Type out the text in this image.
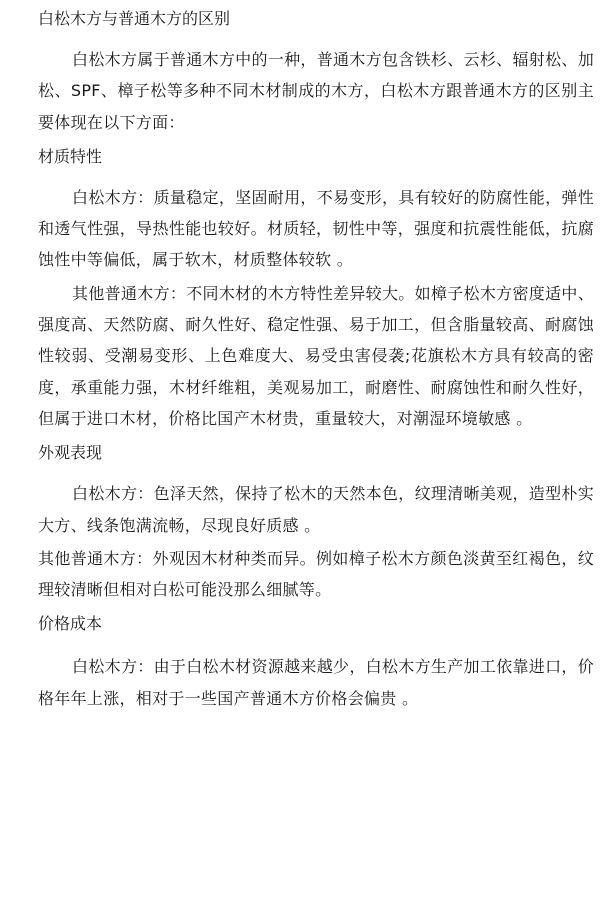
白松木方与普通木方的区别

白松木方属于普通木方中的一种，普通木方包含铁杉、云杉、辐射松、加松、SPF、樟子松等多种不同木材制成的木方，白松木方跟普通木方的区别主要体现在以下方面：

材质特性

白松木方：质量稳定，坚固耐用，不易变形，具有较好的防腐性能，弹性和透气性强，导热性能也较好。材质轻，韧性中等，强度和抗震性能低，抗腐蚀性中等偏低，属于软木，材质整体较软 。

其他普通木方：不同木材的木方特性差异较大。如樟子松木方密度适中、强度高、天然防腐、耐久性好、稳定性强、易于加工，但含脂量较高、耐腐蚀性较弱、受潮易变形、上色难度大、易受虫害侵袭;花旗松木方具有较高的密度，承重能力强，木材纤维粗，美观易加工，耐磨性、耐腐蚀性和耐久性好，但属于进口木材，价格比国产木材贵，重量较大，对潮湿环境敏感 。

外观表现

白松木方：色泽天然，保持了松木的天然本色，纹理清晰美观，造型朴实大方、线条饱满流畅，尽现良好质感 。

其他普通木方：外观因木材种类而异。例如樟子松木方颜色淡黄至红褐色，纹理较清晰但相对白松可能没那么细腻等。

价格成本

白松木方：由于白松木材资源越来越少，白松木方生产加工依靠进口，价格年年上涨，相对于一些国产普通木方价格会偏贵 。
